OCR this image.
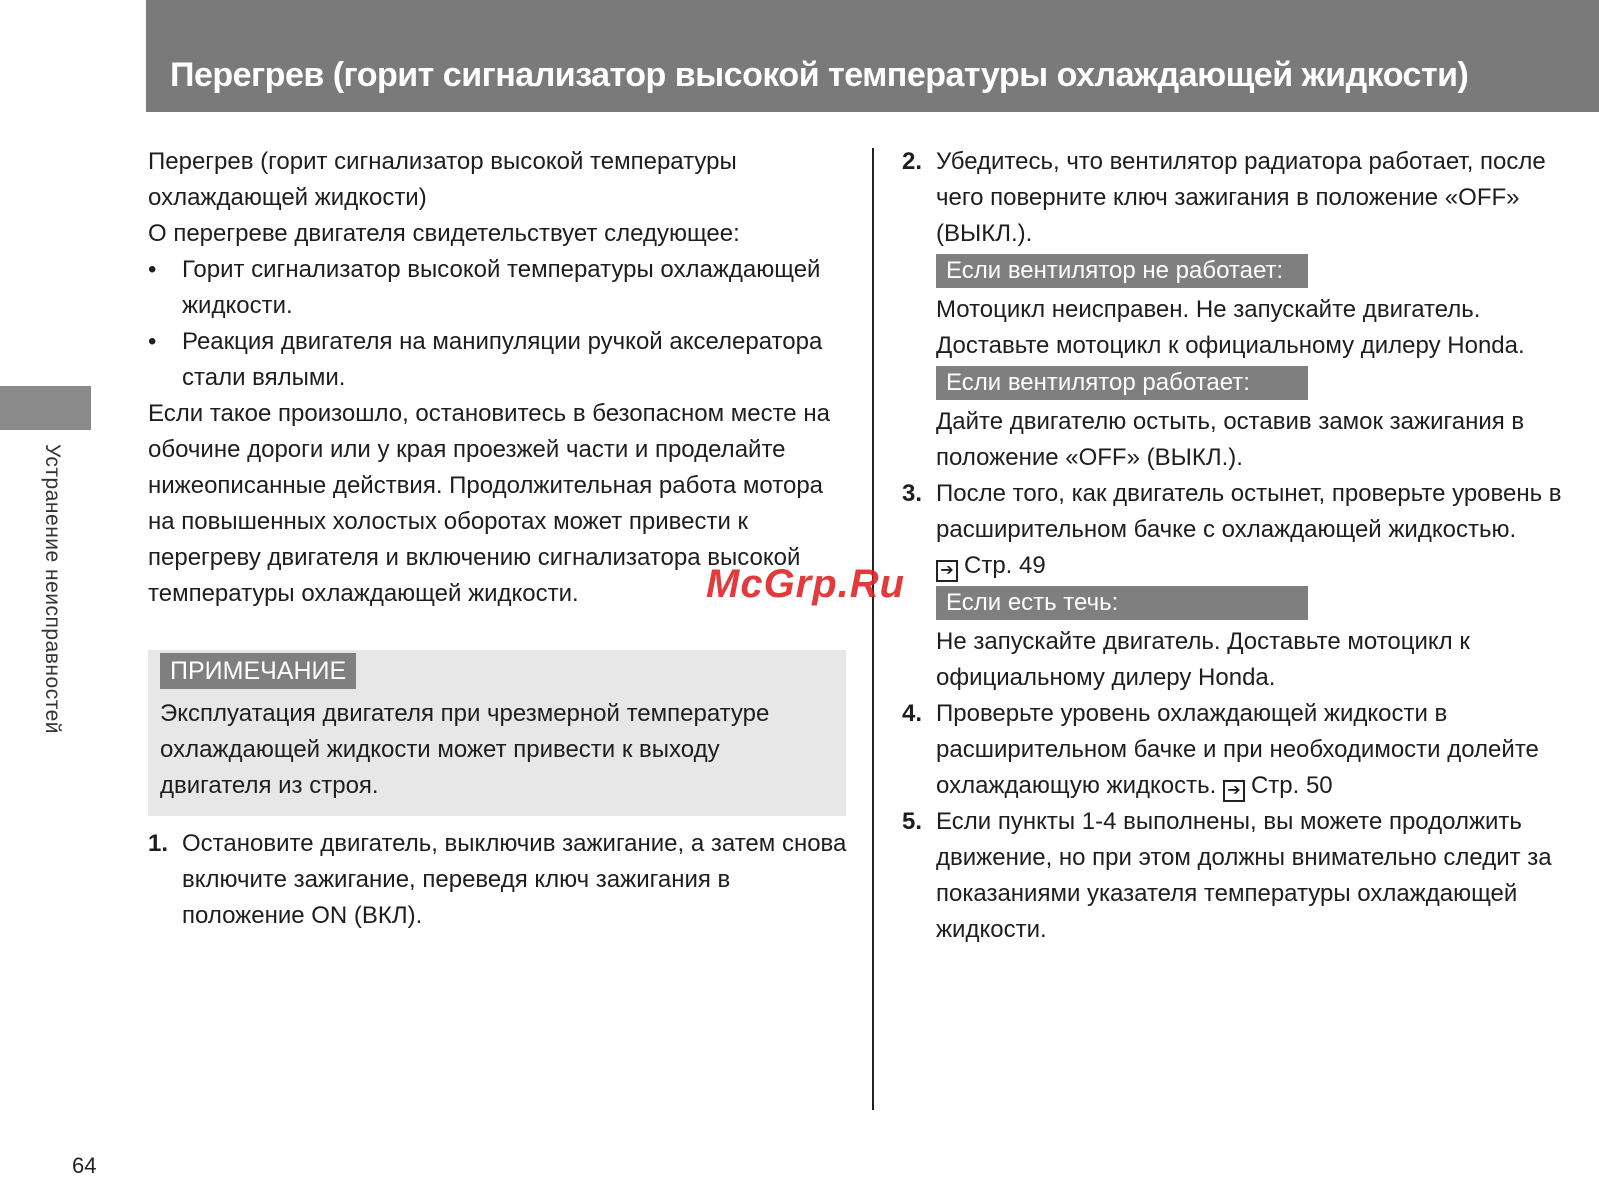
Перегрев (горит сигнализатор высокой температуры охлаждающей жидкости)
Устранение неисправностей
64

Перегрев (горит сигнализатор высокой температуры охлаждающей жидкости)

О перегреве двигателя свидетельствует следующее:

• Горит сигнализатор высокой температуры охлаждающей жидкости.
• Реакция двигателя на манипуляции ручкой акселератора стали вялыми.

Если такое произошло, остановитесь в безопасном месте на обочине дороги или у края проезжей части и проделайте нижеописанные действия. Продолжительная работа мотора на повышенных холостых оборотах может привести к перегреву двигателя и включению сигнализатора высокой температуры охлаждающей жидкости.

ПРИМЕЧАНИЕ

Эксплуатация двигателя при чрезмерной температуре охлаждающей жидкости может привести к выходу двигателя из строя.

1. Остановите двигатель, выключив зажигание, а затем снова включите зажигание, переведя ключ зажигания в положение ON (ВКЛ).
2. Убедитесь, что вентилятор радиатора работает, после чего поверните ключ зажигания в положение «OFF» (ВЫКЛ.).
Если вентилятор не работает:

Мотоцикл неисправен. Не запускайте двигатель. Доставьте мотоцикл к официальному дилеру Honda.

Если вентилятор работает:

Дайте двигателю остыть, оставив замок зажигания в положение «OFF» (ВЫКЛ.).

3. После того, как двигатель остынет, проверьте уровень в расширительном бачке с охлаждающей жидкостью.
➔ Стр. 49
Если есть течь:

Не запускайте двигатель. Доставьте мотоцикл к официальному дилеру Honda.

4. Проверьте уровень охлаждающей жидкости в расширительном бачке и при необходимости долейте охлаждающую жидкость. ➔ Стр. 50
5. Если пункты 1-4 выполнены, вы можете продолжить движение, но при этом должны внимательно следит за показаниями указателя температуры охлаждающей жидкости.
McGrp.Ru
